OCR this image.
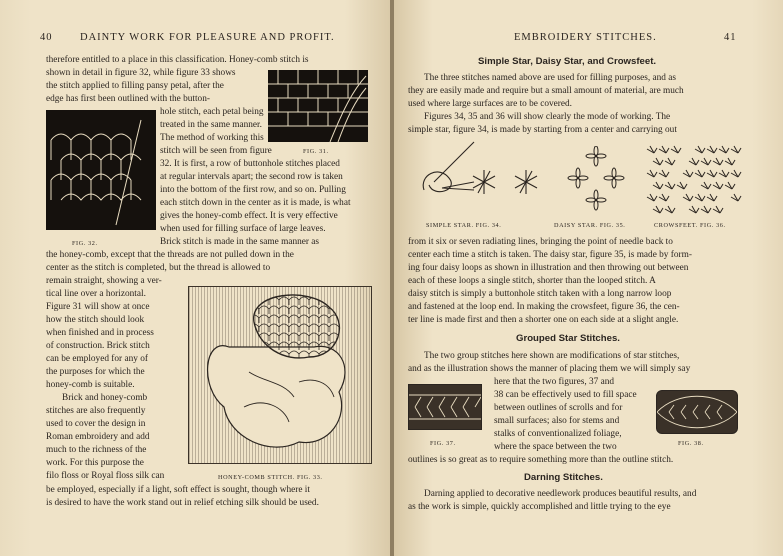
40	DAINTY WORK FOR PLEASURE AND PROFIT.
FIG. 31.
FIG. 32.
HONEY-COMB STITCH. FIG. 33.
therefore entitled to a place in this classification. Honey-comb stitch is
shown in detail in figure 32, while figure 33 shows
the stitch applied to filling pansy petal, after the
edge has first been outlined with the button-
hole stitch, each petal being
treated in the same manner.
The method of working this
stitch will be seen from figure
32. It is first, a row of buttonhole stitches placed
at regular intervals apart; the second row is taken
into the bottom of the first row, and so on. Pulling
each stitch down in the center as it is made, is what
gives the honey-comb effect. It is very effective
when used for filling surface of large leaves.
Brick stitch is made in the same manner as
the honey-comb, except that the threads are not pulled down in the
center as the stitch is completed, but the thread is allowed to
remain straight, showing a ver-
tical line over a horizontal.
Figure 31 will show at once
how the stitch should look
when finished and in process
of construction. Brick stitch
can be employed for any of
the purposes for which the
honey-comb is suitable.
Brick and honey-comb
stitches are also frequently
used to cover the design in
Roman embroidery and add
much to the richness of the
work. For this purpose the
filo floss or Royal floss silk can
be employed, especially if a light, soft effect is sought, though where it
is desired to have the work stand out in relief etching silk should be used.
EMBROIDERY STITCHES.	41
Simple Star, Daisy Star, and Crowsfeet.
The three stitches named above are used for filling purposes, and as
they are easily made and require but a small amount of material, are much
used where large surfaces are to be covered.
Figures 34, 35 and 36 will show clearly the mode of working. The
simple star, figure 34, is made by starting from a center and carrying out
SIMPLE STAR. FIG. 34.	DAISY STAR. FIG. 35.	CROWSFEET. FIG. 36.
from it six or seven radiating lines, bringing the point of needle back to
center each time a stitch is taken. The daisy star, figure 35, is made by form-
ing four daisy loops as shown in illustration and then throwing out between
each of these loops a single stitch, shorter than the looped stitch. A
daisy stitch is simply a buttonhole stitch taken with a long narrow loop
and fastened at the loop end. In making the crowsfeet, figure 36, the cen-
ter line is made first and then a shorter one on each side at a slight angle.
Grouped Star Stitches.
The two group stitches here shown are modifications of star stitches,
and as the illustration shows the manner of placing them we will simply say
here that the two figures, 37 and
38 can be effectively used to fill space
between outlines of scrolls and for
small surfaces; also for stems and
stalks of conventionalized foliage,
where the space between the two
outlines is so great as to require something more than the outline stitch.
FIG. 37.	FIG. 38.
Darning Stitches.
Darning applied to decorative needlework produces beautiful results, and
as the work is simple, quickly accomplished and little trying to the eye
